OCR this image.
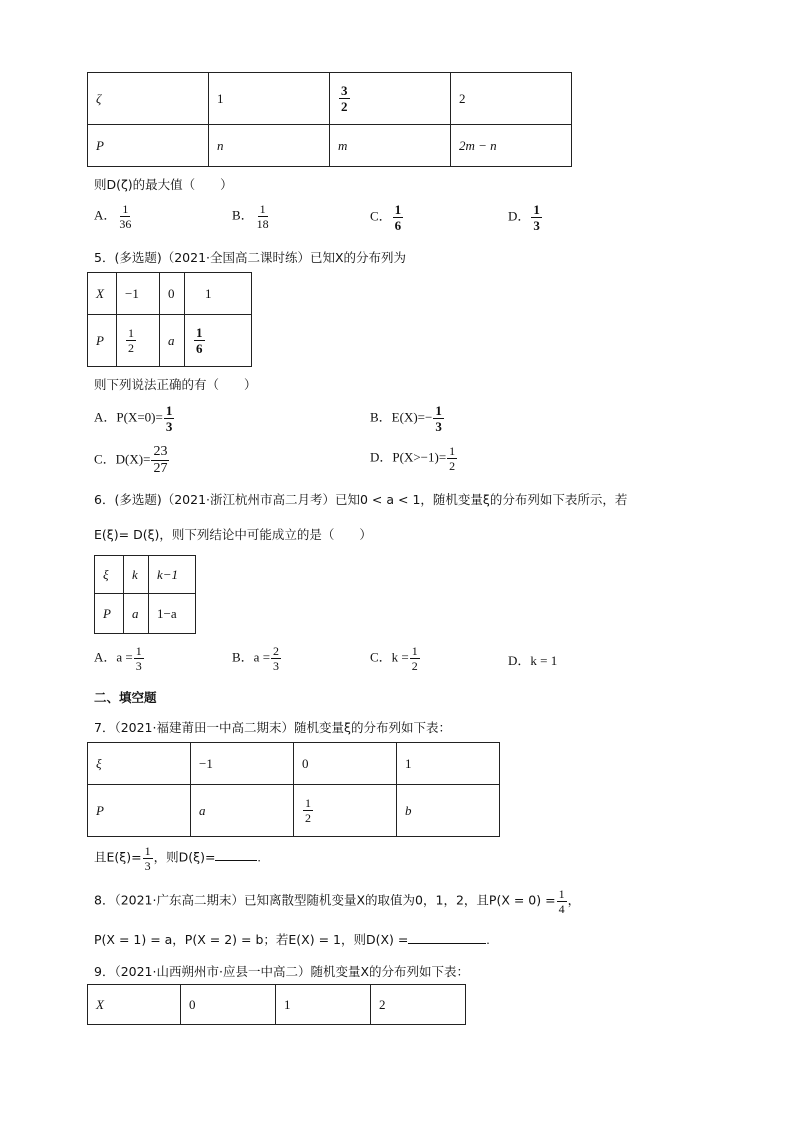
ζ	1	$\frac{3}{2}$	2
P	n	m	2m − n
则D(ζ)的最大值（　　）
A． $\frac{1}{36}$	B． $\frac{1}{18}$	C． $\frac{1}{6}$	D． $\frac{1}{3}$
5．(多选题)（2021·全国高二课时练）已知X的分布列为
X	−1	0	1
P	$\frac{1}{2}$	a	$\frac{1}{6}$
则下列说法正确的有（　　）
A．$P(X=0)= \frac{1}{3}$	B．$E(X)=- \frac{1}{3}$
C．$D(X)= \frac{23}{27}$	D．$P(X>-1)= \frac{1}{2}$
6．(多选题)（2021·浙江杭州市高二月考）已知0 < a < 1，随机变量ξ的分布列如下表所示，若
E(ξ)= D(ξ)，则下列结论中可能成立的是（　　）
ξ	k	k−1
P	a	1−a
A．$a = \frac{1}{3}$	B．$a = \frac{2}{3}$	C．$k = \frac{1}{2}$	D．k = 1
二、填空题
7．（2021·福建莆田一中高二期末）随机变量ξ的分布列如下表：
ξ	−1	0	1
P	a	$\frac{1}{2}$	b
且$E(\xi)= \frac{1}{3}$ ，则D(ξ)=	.
8．（2021·广东高二期末）已知离散型随机变量X的取值为0，1，2，且$P(X = 0) = \frac{1}{4}$ ，
P(X = 1) = a，P(X = 2) = b；若E(X) = 1，则D(X) =	.
9．（2021·山西朔州市·应县一中高二）随机变量X的分布列如下表：
X	0	1	2
